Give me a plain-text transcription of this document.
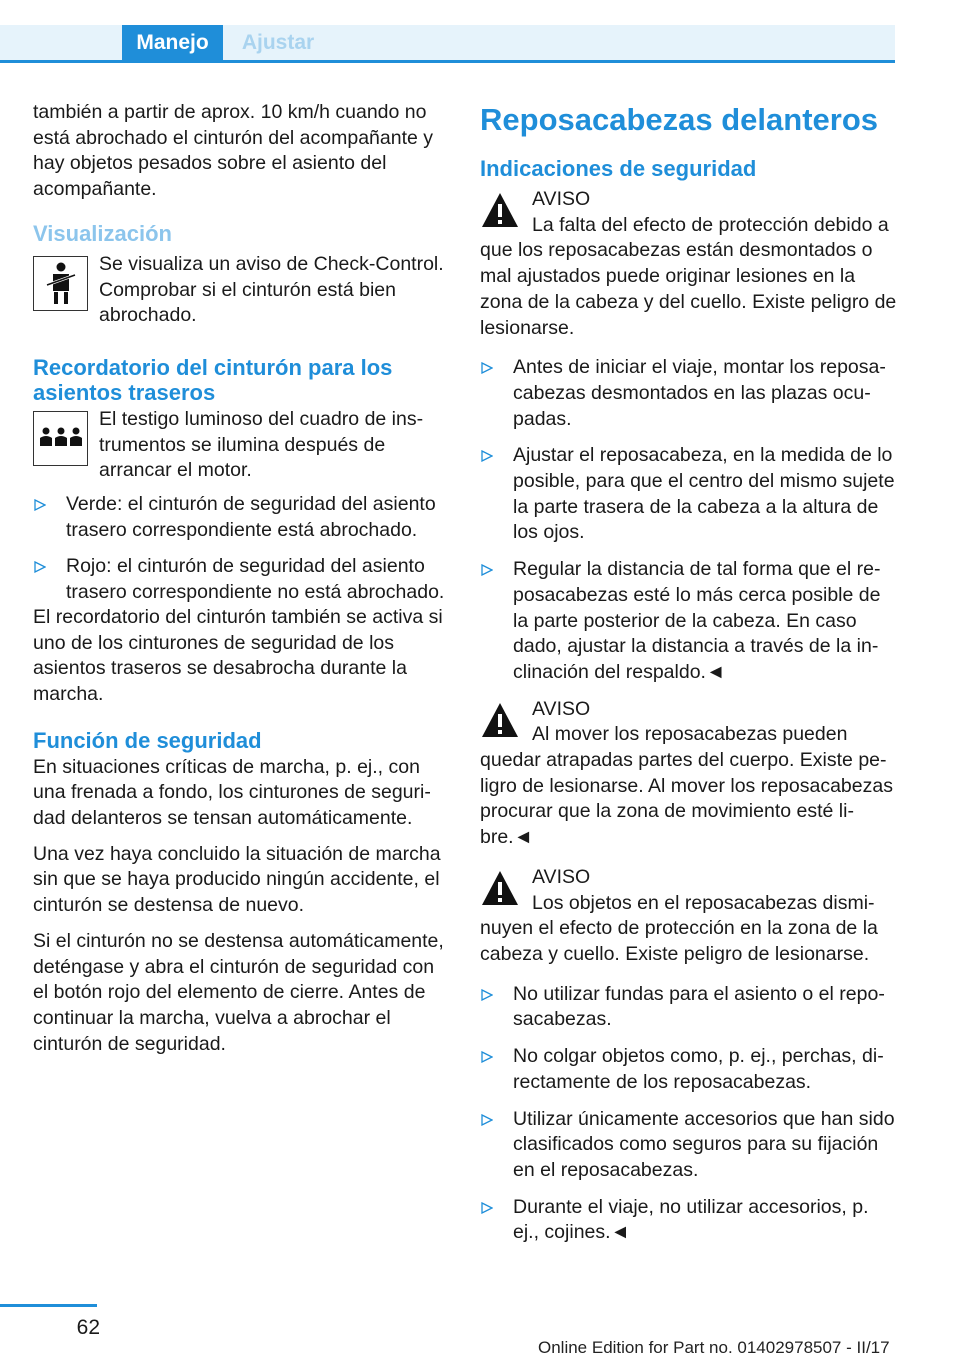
Manejo	Ajustar

también a partir de aprox. 10 km/h cuando no está abrochado el cinturón del acompañante y hay objetos pesados sobre el asiento del acompañante.

Visualización

Se visualiza un aviso de Check-Control. Comprobar si el cinturón está bien abrochado.

Recordatorio del cinturón para los asientos traseros

El testigo luminoso del cuadro de instrumentos se ilumina después de arrancar el motor.

Verde: el cinturón de seguridad del asiento trasero correspondiente está abrochado.
Rojo: el cinturón de seguridad del asiento trasero correspondiente no está abrochado.

El recordatorio del cinturón también se activa si uno de los cinturones de seguridad de los asientos traseros se desabrocha durante la marcha.

Función de seguridad

En situaciones críticas de marcha, p. ej., con una frenada a fondo, los cinturones de seguridad delanteros se tensan automáticamente.

Una vez haya concluido la situación de marcha sin que se haya producido ningún accidente, el cinturón se destensa de nuevo.

Si el cinturón no se destensa automáticamente, deténgase y abra el cinturón de seguridad con el botón rojo del elemento de cierre. Antes de continuar la marcha, vuelva a abrochar el cinturón de seguridad.

Reposacabezas delanteros
Indicaciones de seguridad
AVISO
La falta del efecto de protección debido a que los reposacabezas están desmontados o mal ajustados puede originar lesiones en la zona de la cabeza y del cuello. Existe peligro de lesionarse.
Antes de iniciar el viaje, montar los reposacabezas desmontados en las plazas ocupadas.
Ajustar el reposacabeza, en la medida de lo posible, para que el centro del mismo sujete la parte trasera de la cabeza a la altura de los ojos.
Regular la distancia de tal forma que el reposacabezas esté lo más cerca posible de la parte posterior de la cabeza. En caso dado, ajustar la distancia a través de la inclinación del respaldo.◄
AVISO
Al mover los reposacabezas pueden quedar atrapadas partes del cuerpo. Existe peligro de lesionarse. Al mover los reposacabezas procurar que la zona de movimiento esté libre.◄
AVISO
Los objetos en el reposacabezas disminuyen el efecto de protección en la zona de la cabeza y cuello. Existe peligro de lesionarse.
No utilizar fundas para el asiento o el reposacabezas.
No colgar objetos como, p. ej., perchas, directamente de los reposacabezas.
Utilizar únicamente accesorios que han sido clasificados como seguros para su fijación en el reposacabezas.
Durante el viaje, no utilizar accesorios, p. ej., cojines.◄
62
Online Edition for Part no. 01402978507 - II/17
